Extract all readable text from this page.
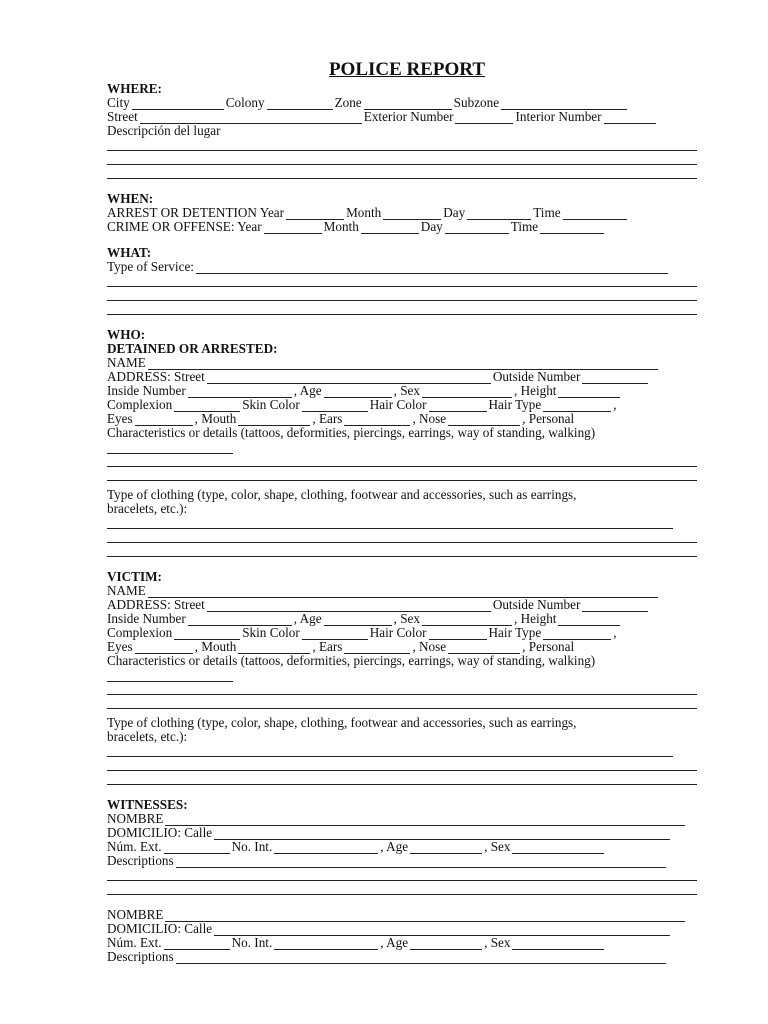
POLICE REPORT
WHERE:
City	Colony	Zone	Subzone
Street	Exterior Number	Interior Number
Descripción del lugar
WHEN:
ARREST OR DETENTION Year	Month	Day	Time
CRIME OR OFFENSE: Year	Month	Day	Time
WHAT:
Type of Service:
WHO:
DETAINED OR ARRESTED:
NAME
ADDRESS: Street	Outside Number
Inside Number	, Age	, Sex	, Height
Complexion	Skin Color	Hair Color	Hair Type	,
Eyes	, Mouth	, Ears	, Nose	, Personal
Characteristics or details (tattoos, deformities, piercings, earrings, way of standing, walking)
Type of clothing (type, color, shape, clothing, footwear and accessories, such as earrings,
bracelets, etc.):
VICTIM:
NAME
ADDRESS: Street	Outside Number
Inside Number	, Age	, Sex	, Height
Complexion	Skin Color	Hair Color	Hair Type	,
Eyes	, Mouth	, Ears	, Nose	, Personal
Characteristics or details (tattoos, deformities, piercings, earrings, way of standing, walking)
Type of clothing (type, color, shape, clothing, footwear and accessories, such as earrings,
bracelets, etc.):
WITNESSES:
NOMBRE
DOMICILIO: Calle
Núm. Ext.	No. Int.	, Age	, Sex
Descriptions
NOMBRE
DOMICILIO: Calle
Núm. Ext.	No. Int.	, Age	, Sex
Descriptions
